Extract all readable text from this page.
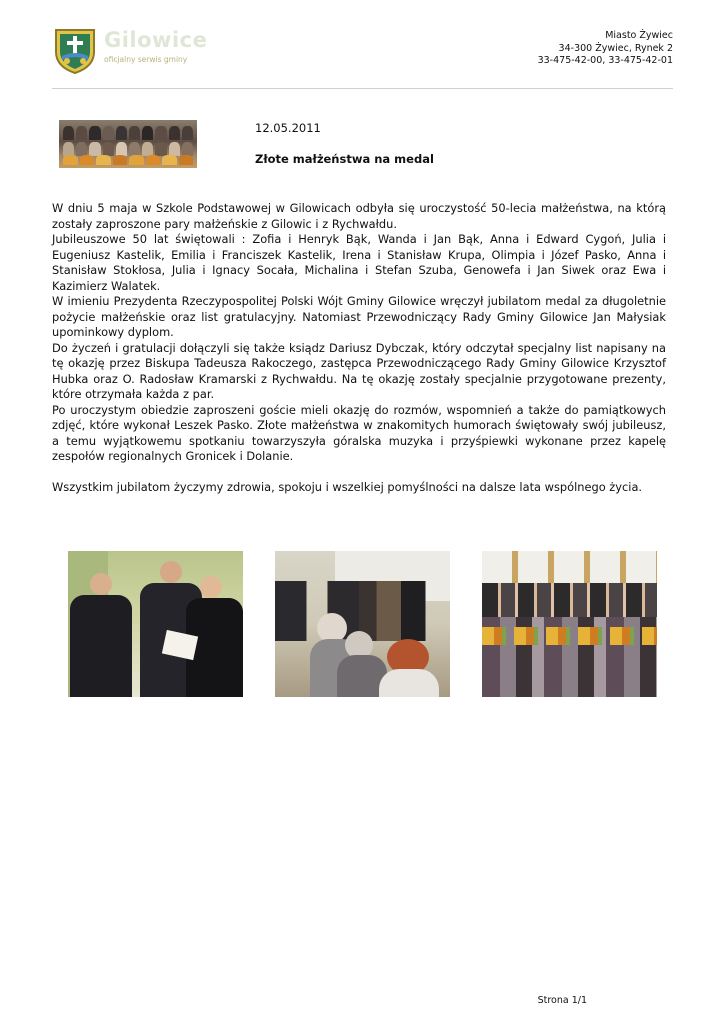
Gilowice
oficjalny serwis gminy
Miasto Żywiec
34-300 Żywiec, Rynek 2
33-475-42-00, 33-475-42-01
12.05.2011
Złote małżeństwa na medal

W dniu 5 maja w Szkole Podstawowej w Gilowicach odbyła się uroczystość 50-lecia małżeństwa, na którą zostały zaproszone pary małżeńskie z Gilowic i z Rychwałdu.

Jubileuszowe 50 lat świętowali : Zofia i Henryk Bąk, Wanda i Jan Bąk, Anna i Edward Cygoń, Julia i Eugeniusz Kastelik, Emilia i Franciszek Kastelik, Irena i Stanisław Krupa, Olimpia i Józef Pasko, Anna i Stanisław Stokłosa, Julia i Ignacy Socała, Michalina i Stefan Szuba, Genowefa i Jan Siwek oraz Ewa i Kazimierz Walatek.

W imieniu Prezydenta Rzeczypospolitej Polski Wójt Gminy Gilowice wręczył jubilatom medal za długoletnie pożycie małżeńskie oraz list gratulacyjny. Natomiast Przewodniczący Rady Gminy Gilowice Jan Małysiak upominkowy dyplom.

Do życzeń i gratulacji dołączyli się także ksiądz Dariusz Dybczak, który odczytał specjalny list napisany na tę okazję przez Biskupa Tadeusza Rakoczego, zastępca Przewodniczącego Rady Gminy Gilowice Krzysztof Hubka oraz O. Radosław Kramarski z Rychwałdu. Na tę okazję zostały specjalnie przygotowane prezenty, które otrzymała każda z par.

Po uroczystym obiedzie zaproszeni goście mieli okazję do rozmów, wspomnień a także do pamiątkowych zdjęć, które wykonał Leszek Pasko. Złote małżeństwa w znakomitych humorach świętowały swój jubileusz, a temu wyjątkowemu spotkaniu towarzyszyła góralska muzyka i przyśpiewki wykonane przez kapelę zespołów regionalnych Gronicek i Dolanie.

Wszystkim jubilatom życzymy zdrowia, spokoju i wszelkiej pomyślności na dalsze lata wspólnego życia.

Strona 1/1
